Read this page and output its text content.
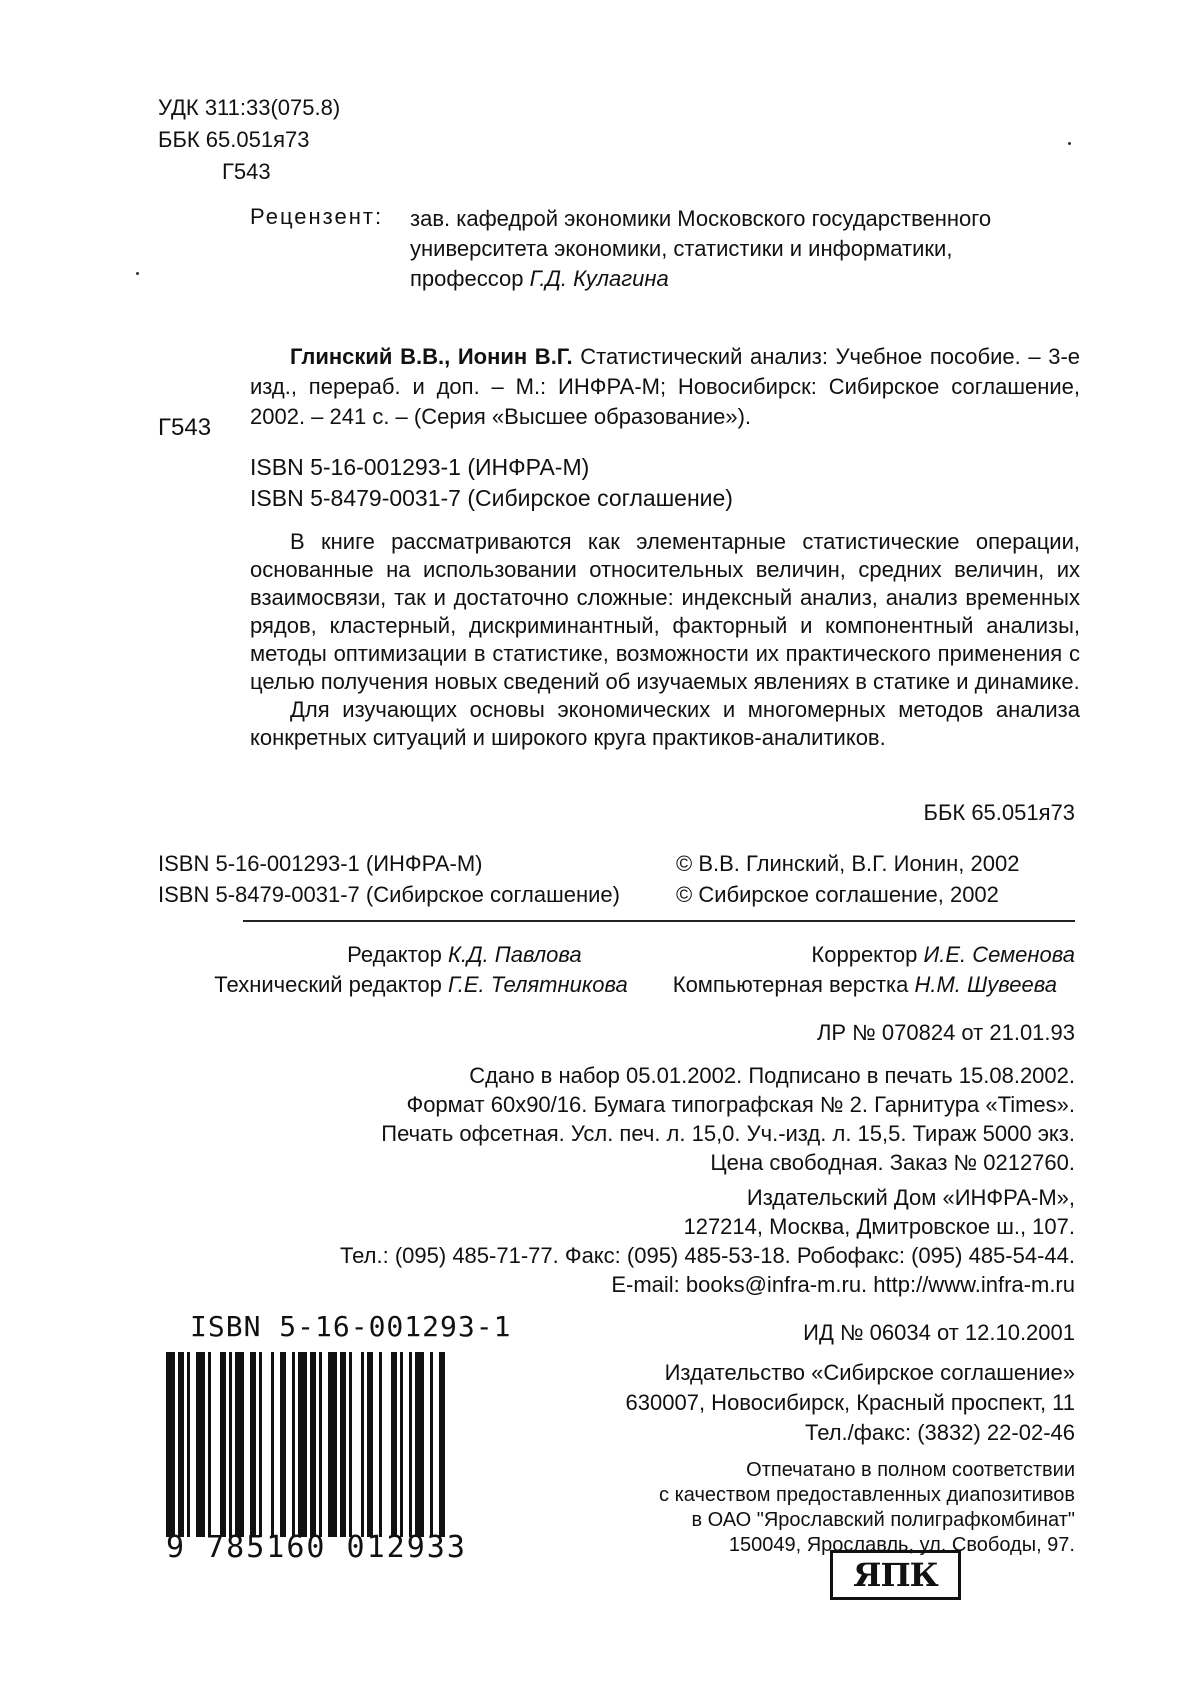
УДК 311:33(075.8)
ББК 65.051я73
Г543
Рецензент: зав. кафедрой экономики Московского государственного
университета экономики, статистики и информатики,
профессор Г.Д. Кулагина
Глинский В.В., Ионин В.Г. Статистический анализ: Учебное пособие. – 3-е изд., перераб. и доп. – М.: ИНФРА-М; Новосибирск: Сибирское соглашение, 2002. – 241 с. – (Серия «Высшее образование»).
Г543
ISBN 5-16-001293-1 (ИНФРА-М)
ISBN 5-8479-0031-7 (Сибирское соглашение)

В книге рассматриваются как элементарные статистические операции, основанные на использовании относительных величин, средних величин, их взаимосвязи, так и достаточно сложные: индексный анализ, анализ временных рядов, кластерный, дискриминантный, факторный и компонентный анализы, методы оптимизации в статистике, возможности их практического применения с целью получения новых сведений об изучаемых явлениях в статике и динамике.

Для изучающих основы экономических и многомерных методов анализа конкретных ситуаций и широкого круга практиков-аналитиков.

ББК 65.051я73
ISBN 5-16-001293-1 (ИНФРА-М)
ISBN 5-8479-0031-7 (Сибирское соглашение)
© В.В. Глинский, В.Г. Ионин, 2002
© Сибирское соглашение, 2002
Редактор К.Д. Павлова
Технический редактор Г.Е. Телятникова
Корректор И.Е. Семенова
Компьютерная верстка Н.М. Шувеева
ЛР № 070824 от 21.01.93
Сдано в набор 05.01.2002. Подписано в печать 15.08.2002.
Формат 60х90/16. Бумага типографская № 2. Гарнитура «Times».
Печать офсетная. Усл. печ. л. 15,0. Уч.-изд. л. 15,5. Тираж 5000 экз.
Цена свободная. Заказ № 0212760.
Издательский Дом «ИНФРА-М»,
127214, Москва, Дмитровское ш., 107.
Тел.: (095) 485-71-77. Факс: (095) 485-53-18. Робофакс: (095) 485-54-44.
E-mail: books@infra-m.ru. http://www.infra-m.ru
ИД № 06034 от 12.10.2001
Издательство «Сибирское соглашение»
630007, Новосибирск, Красный проспект, 11
Тел./факс: (3832) 22-02-46
Отпечатано в полном соответствии
с качеством предоставленных диапозитивов
в ОАО "Ярославский полиграфкомбинат"
150049, Ярославль, ул. Свободы, 97.
ISBN 5-16-001293-1
9 785160 012933
ЯПК
